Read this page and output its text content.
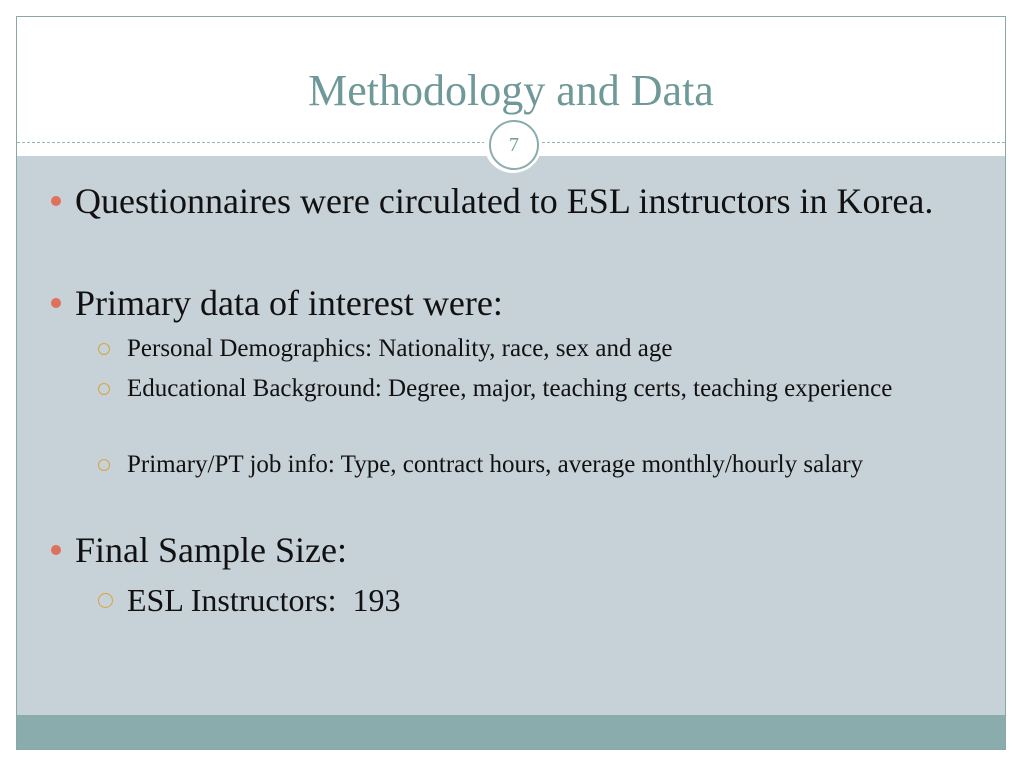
Methodology and Data
Questionnaires were circulated to ESL instructors in Korea.
Primary data of interest were:
Personal Demographics: Nationality, race, sex and age
Educational Background: Degree, major, teaching certs, teaching experience
Primary/PT job info: Type, contract hours, average monthly/hourly salary
Final Sample Size:
ESL Instructors:  193
7
